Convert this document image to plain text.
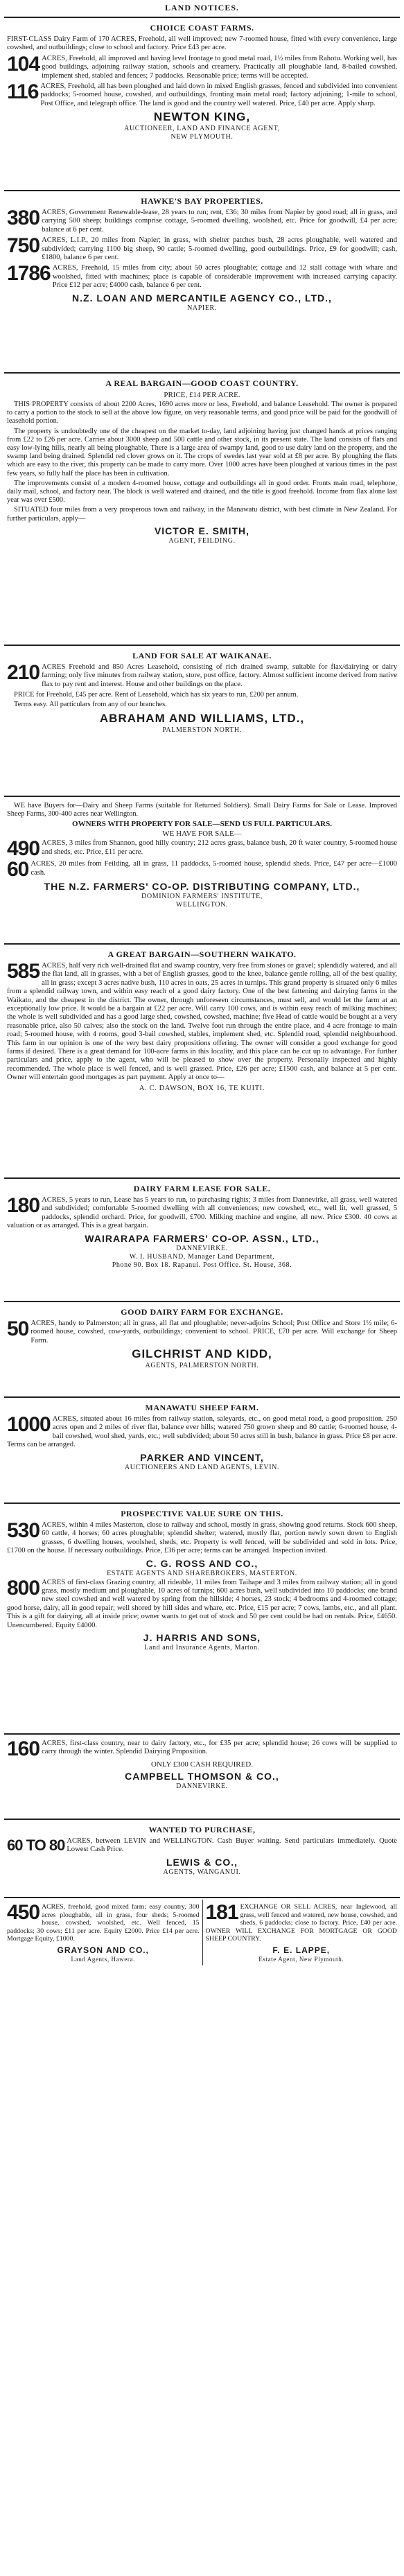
LAND NOTICES.
CHOICE COAST FARMS.
FIRST-CLASS Dairy Farm of 170 ACRES, Freehold, all well improved; new 7-roomed house, fitted with every convenience, large cowshed, and outbuildings; close to school and factory. Price £43 per acre.
104 ACRES, Freehold, all improved and having level frontage to good metal road, 1½ miles from Rahotu. Working well, has good buildings, adjoining railway station, schools and creamery. Practically all ploughable land, 8-bailed cowshed, implement shed, stabled and fences; 7 paddocks. Reasonable price; terms will be accepted.
116 ACRES, Freehold, all has been ploughed and laid down in mixed English grasses, fenced and subdivided into convenient paddocks; 5-roomed house, cowshed, and outbuildings, fronting main metal road; factory adjoining; 1-mile to school, Post Office, and telegraph office. The land is good and the country well watered. Price, £40 per acre. Apply sharp.
NEWTON KING,
AUCTIONEER, LAND AND FINANCE AGENT,
NEW PLYMOUTH.
HAWKE'S BAY PROPERTIES.
380 ACRES, Government Renewable-lease, 28 years to run; rent, £36; 30 miles from Napier by good road; all in grass, and carrying 500 sheep; buildings comprise cottage, 5-roomed dwelling, woolshed, etc. Price for goodwill, £4 per acre; balance at 6 per cent.
750 ACRES, L.I.P., 20 miles from Napier; in grass, with shelter patches bush, 28 acres ploughable, well watered and subdivided; carrying 1100 big sheep, 90 cattle; 5-roomed dwelling, good outbuildings. Price, £9 for goodwill; cash, £1800, balance 6 per cent.
1786 ACRES, Freehold, 15 miles from city; about 50 acres ploughable; cottage and 12 stall cottage with whare and woolshed, fitted with machines; place is capable of considerable improvement with increased carrying capacity. Price £12 per acre; £4000 cash, balance 6 per cent.
N.Z. LOAN AND MERCANTILE AGENCY CO., LTD.,
NAPIER.
A REAL BARGAIN—GOOD COAST COUNTRY.
PRICE, £14 PER ACRE.

THIS PROPERTY consists of about 2200 Acres, 1690 acres more or less, Freehold, and balance Leasehold. The owner is prepared to carry a portion to the stock to sell at the above low figure, on very reasonable terms, and good price will be paid for the goodwill of leasehold portion.

The property is undoubtedly one of the cheapest on the market to-day, land adjoining having just changed hands at prices ranging from £22 to £26 per acre. Carries about 3000 sheep and 500 cattle and other stock, in its present state. The land consists of flats and easy low-lying hills, nearly all being ploughable, There is a large area of swampy land, good to use dairy land on the property, and the swamp land being drained. Splendid red clover grows on it. The crops of swedes last year sold at £8 per acre. By ploughing the flats which are easy to the river, this property can be made to carry more. Over 1000 acres have been ploughed at various times in the past few years, so fully half the place has been in cultivation.

The improvements consist of a modern 4-roomed house, cottage and outbuildings all in good order. Fronts main road, telephone, daily mail, school, and factory near. The block is well watered and drained, and the title is good freehold. Income from flax alone last year was over £500.

SITUATED four miles from a very prosperous town and railway, in the Manawatu district, with best climate in New Zealand. For further particulars, apply—

VICTOR E. SMITH,
AGENT, FEILDING.
LAND FOR SALE AT WAIKANAE.
210 ACRES Freehold and 850 Acres Leasehold, consisting of rich drained swamp, suitable for flax/dairying or dairy farming; only five minutes from railway station, store, post office, factory. Almost sufficient income derived from native flax to pay rent and interest. House and other buildings on the place.

PRICE for Freehold, £45 per acre. Rent of Leasehold, which has six years to run, £200 per annum.

Terms easy. All particulars from any of our branches.

ABRAHAM AND WILLIAMS, LTD.,
PALMERSTON NORTH.

WE have Buyers for—Dairy and Sheep Farms (suitable for Returned Soldiers). Small Dairy Farms for Sale or Lease. Improved Sheep Farms, 300-400 acres near Wellington.

OWNERS WITH PROPERTY FOR SALE—SEND US FULL PARTICULARS.
WE HAVE FOR SALE—
490 ACRES, 3 miles from Shannon, good hilly country; 212 acres grass, balance bush, 20 ft water country, 5-roomed house and sheds, etc. Price, £11 per acre.
60 ACRES, 20 miles from Feilding, all in grass, 11 paddocks, 5-roomed house, splendid sheds. Price, £47 per acre—£1000 cash.
THE N.Z. FARMERS' CO-OP. DISTRIBUTING COMPANY, LTD.,
DOMINION FARMERS' INSTITUTE,
WELLINGTON.
A GREAT BARGAIN—SOUTHERN WAIKATO.
585 ACRES, half very rich well-drained flat and swamp country, very free from stones or gravel; splendidly watered, and all the flat land, all in grasses, with a bet of English grasses, good to the knee, balance gentle rolling, all of the best quality, all in grass; except 3 acres native bush, 110 acres in oats, 25 acres in turnips. This grand property is situated only 6 miles from a splendid railway town, and within easy reach of a good dairy factory. One of the best fattening and dairying farms in the Waikato, and the cheapest in the district. The owner, through unforeseen circumstances, must sell, and would let the farm at an exceptionally low price. It would be a bargain at £22 per acre. Will carry 100 cows, and is within easy reach of milking machines; the whole is well subdivided and has a good large shed, cowshed, cowshed, machine; five Head of cattle would be bought at a very reasonable price, also 50 calves; also the stock on the land. Twelve foot run through the entire place, and 4 acre frontage to main road; 5-roomed house, with 4 rooms, good 3-bail cowshed, stables, implement shed, etc. Splendid road, splendid neighbourhood. This farm in our opinion is one of the very best dairy propositions offering. The owner will consider a good exchange for good farms if desired. There is a great demand for 100-acre farms in this locality, and this place can be cut up to advantage. For further particulars and price, apply to the agent, who will be pleased to show over the property. Personally inspected and highly recommended. The whole place is well fenced, and is well grassed. Price, £26 per acre; £1500 cash, and balance at 5 per cent. Owner will entertain good mortgages as part payment. Apply at once to—
A. C. DAWSON, BOX 16, TE KUITI.
DAIRY FARM LEASE FOR SALE.
180 ACRES, 5 years to run, Lease has 5 years to run, to purchasing rights; 3 miles from Dannevirke, all grass, well watered and subdivided; comfortable 5-roomed dwelling with all conveniences; new cowshed, etc., well lit, well grassed, 5 paddocks, splendid orchard. Price, for goodwill, £700. Milking machine and engine, all new. Price £300. 40 cows at valuation or as arranged. This is a great bargain.
WAIRARAPA FARMERS' CO-OP. ASSN., LTD.,
DANNEVIRKE.
W. I. HUSBAND, Manager Land Department,
Phone 90. Box 18. Rapanui. Post Office. St. House, 368.
GOOD DAIRY FARM FOR EXCHANGE.
50 ACRES, handy to Palmerston; all in grass, all flat and ploughable; never-adjoins School; Post Office and Store 1½ mile; 6-roomed house, cowshed, cow-yards, outbuildings; convenient to school. PRICE, £70 per acre. Will exchange for Sheep Farm.
GILCHRIST AND KIDD,
AGENTS, PALMERSTON NORTH.
MANAWATU SHEEP FARM.
1000 ACRES, situated about 16 miles from railway station, saleyards, etc., on good metal road, a good proposition. 250 acres open and 2 miles of river flat, balance ever hills; watered 750 grown sheep and 80 cattle; 6-roomed house, 4-bail cowshed, wool shed, yards, etc.; well subdivided; about 50 acres still in bush, balance in grass. Price £8 per acre. Terms can be arranged.
PARKER AND VINCENT,
AUCTIONEERS AND LAND AGENTS, LEVIN.
PROSPECTIVE VALUE SURE ON THIS.
530 ACRES, within 4 miles Masterton, close to railway and school, mostly in grass, showing good returns. Stock 600 sheep, 60 cattle, 4 horses; 60 acres ploughable; splendid shelter; watered, mostly flat, portion newly sown down to English grasses, 6 dwelling houses, woolshed, sheds, etc. Property is well fenced, will be subdivided and sold in lots. Price, £1700 on the house. If necessary outbuildings. Price, £36 per acre; terms can be arranged. Inspection invited.
C. G. ROSS AND CO.,
ESTATE AGENTS AND SHAREBROKERS, MASTERTON.
800 ACRES of first-class Grazing country, all rideable, 11 miles from Taihape and 3 miles from railway station; all in good grass, mostly medium and ploughable, 10 acres of turnips; 600 acres bush, well subdivided into 10 paddocks; one brand new steel cowshed and well watered by spring from the hillside; 4 horses, 23 stock; 4 bedrooms and 4-roomed cottage; good horse, dairy, all in good repair; well shored by hill sides and whare, etc. Price, £15 per acre; 7 cows, lambs, etc., and all plant. This is a gift for dairying, all at inside price; owner wants to get out of stock and 50 per cent could be had on rentals. Price, £4650. Unencumbered. Equity £4000.
J. HARRIS AND SONS,
Land and Insurance Agents, Marton.
160 ACRES, first-class country, near to dairy factory, etc., for £35 per acre; splendid house; 26 cows will be supplied to carry through the winter. Splendid Dairying Proposition.
ONLY £300 CASH REQUIRED.
CAMPBELL THOMSON & CO.,
DANNEVIRKE.
WANTED TO PURCHASE,
60 TO 80 ACRES, between LEVIN and WELLINGTON. Cash Buyer waiting. Send particulars immediately. Quote Lowest Cash Price.
LEWIS & CO.,
AGENTS, WANGANUI.
450 ACRES, freehold, good mixed farm; easy country, 300 acres ploughable, all in grass, four sheds; 5-roomed house, cowshed, woolshed, etc. Well fenced, 15 paddocks; 30 cows; £11 per acre. Equity £2000. Price £14 per acre. Mortgage Equity, £1000.
GRAYSON AND CO.,
Land Agents, Hawera.
181 EXCHANGE OR SELL ACRES, near Inglewood, all grass, well fenced and watered, new house, cowshed, and sheds, 6 paddocks; close to factory. Price, £40 per acre. OWNER WILL EXCHANGE FOR MORTGAGE OR GOOD SHEEP COUNTRY.
F. E. LAPPE,
Estate Agent, New Plymouth.
